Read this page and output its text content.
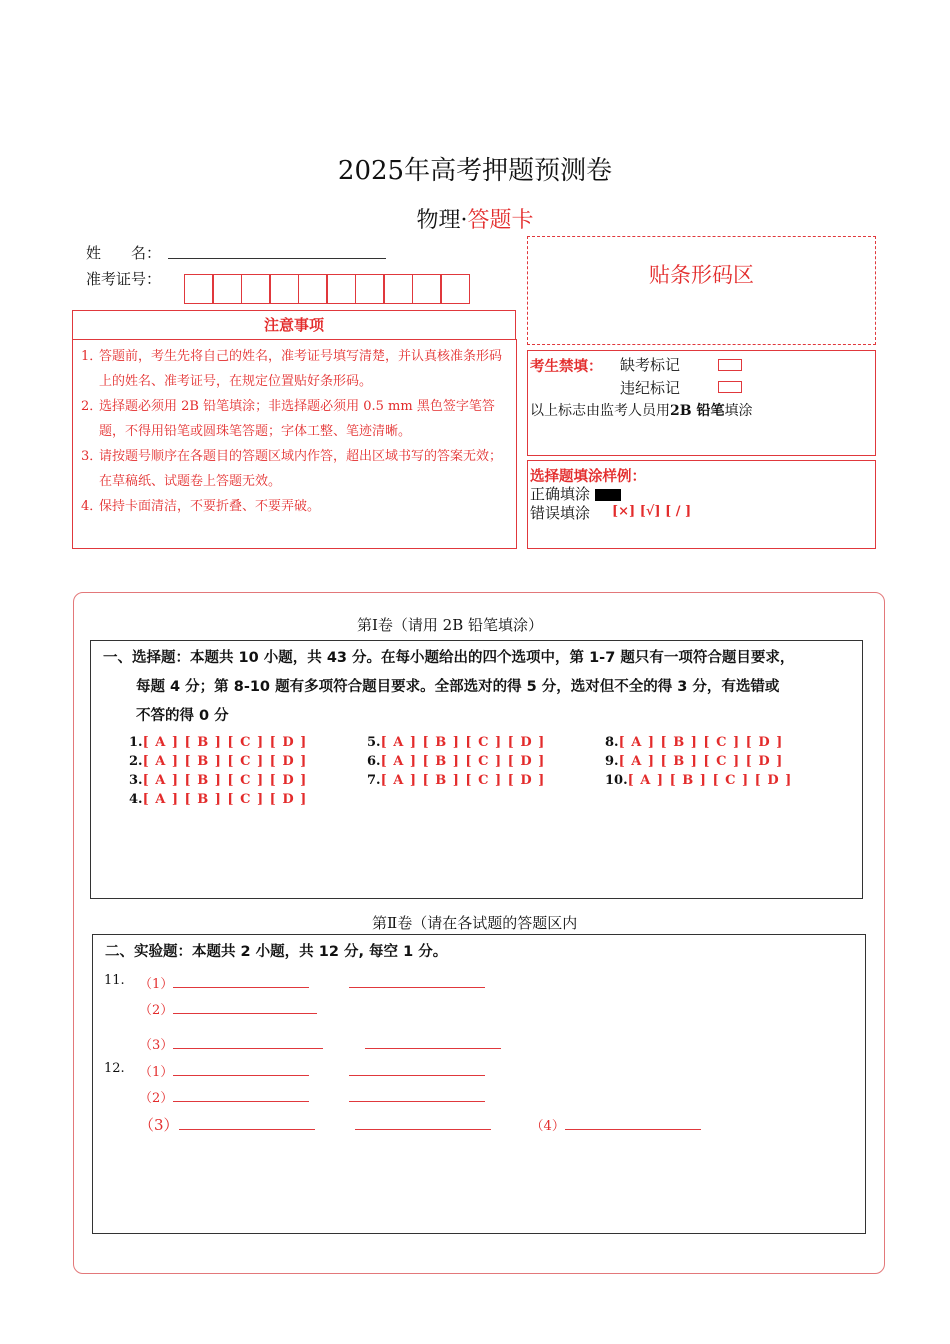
2025年高考押题预测卷
物理·答题卡
姓　　名：
准考证号：
注意事项
1．
答题前，考生先将自己的姓名，准考证号填写清楚，并认真核准条形码上的姓名、准考证号，在规定位置贴好条形码。
2．
选择题必须用 2B 铅笔填涂；非选择题必须用 0.5 mm 黑色签字笔答题，不得用铅笔或圆珠笔答题；字体工整、笔迹清晰。
3．
请按题号顺序在各题目的答题区域内作答，超出区域书写的答案无效；在草稿纸、试题卷上答题无效。
4．
保持卡面清洁，不要折叠、不要弄破。
贴条形码区
考生禁填： 缺考标记
违纪标记
以上标志由监考人员用2B 铅笔填涂
选择题填涂样例：
正确填涂
错误填涂 [×] [√] [ / ]
第Ⅰ卷（请用 2B 铅笔填涂）
一、选择题：本题共 10 小题，共 43 分。在每小题给出的四个选项中，第 1-7 题只有一项符合题目要求，
每题 4 分；第 8-10 题有多项符合题目要求。全部选对的得 5 分，选对但不全的得 3 分，有选错或
不答的得 0 分
1.[ A ] [ B ] [ C ] [ D ]
2.[ A ] [ B ] [ C ] [ D ]
3.[ A ] [ B ] [ C ] [ D ]
4.[ A ] [ B ] [ C ] [ D ]
5.[ A ] [ B ] [ C ] [ D ]
6.[ A ] [ B ] [ C ] [ D ]
7.[ A ] [ B ] [ C ] [ D ]
8.[ A ] [ B ] [ C ] [ D ]
9.[ A ] [ B ] [ C ] [ D ]
10.[ A ] [ B ] [ C ] [ D ]
第Ⅱ卷（请在各试题的答题区内
二、实验题：本题共 2 小题，共 12 分, 每空 1 分。
11. （1）
（2）
（3）
12. （1）
（2）
（3）	（4）
